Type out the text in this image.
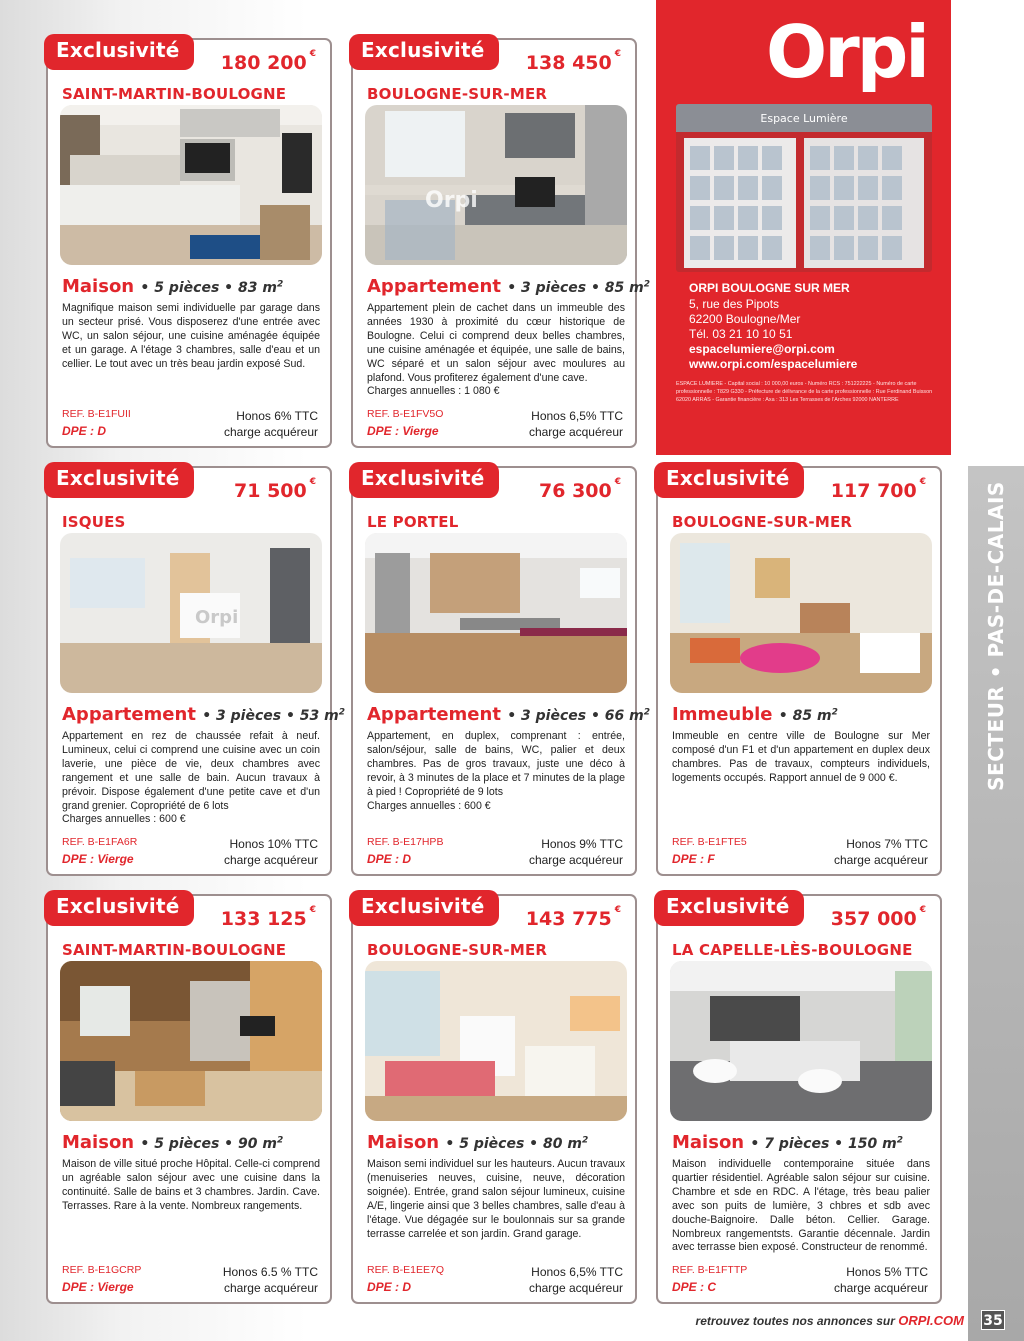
Exclusivité
180 200 €
SAINT-MARTIN-BOULOGNE
Maison • 5 pièces • 83 $m^2$

Magnifique maison semi individuelle par garage dans un secteur prisé. Vous disposerez d'une entrée avec WC, un salon séjour, une cuisine aménagée équipée et un garage. A l'étage 3 chambres, salle d'eau et un cellier. Le tout avec un très beau jardin exposé Sud.

REF. B-E1FUII
DPE : D
Honos 6% TTC
charge acquéreur
Exclusivité
138 450 €
BOULOGNE-SUR-MER
Orpi
Appartement • 3 pièces • 85 $m^2$

Appartement plein de cachet dans un immeuble des années 1930 à proximité du cœur historique de Boulogne. Celui ci comprend deux belles chambres, une cuisine aménagée et équipée, une salle de bains, WC séparé et un salon séjour avec moulures au plafond. Vous profiterez également d'une cave.

Charges annuelles : 1 080 €

REF. B-E1FV5O
DPE : Vierge
Honos 6,5% TTC
charge acquéreur
Exclusivité
71 500 €
ISQUES
Orpi
Appartement • 3 pièces • 53 $m^2$

Appartement en rez de chaussée refait à neuf. Lumineux, celui ci comprend une cuisine avec un coin laverie, une pièce de vie, deux chambres avec rangement et une salle de bain. Aucun travaux à prévoir. Dispose également d'une petite cave et d'un grand grenier. Copropriété de 6 lots

Charges annuelles : 600 €

REF. B-E1FA6R
DPE : Vierge
Honos 10% TTC
charge acquéreur
Exclusivité
76 300 €
LE PORTEL
Appartement • 3 pièces • 66 $m^2$

Appartement, en duplex, comprenant : entrée, salon/séjour, salle de bains, WC, palier et deux chambres. Pas de gros travaux, juste une déco à revoir, à 3 minutes de la place et 7 minutes de la plage à pied ! Copropriété de 9 lots

Charges annuelles : 600 €

REF. B-E17HPB
DPE : D
Honos 9% TTC
charge acquéreur
Exclusivité
117 700 €
BOULOGNE-SUR-MER
Immeuble • 85 $m^2$

Immeuble en centre ville de Boulogne sur Mer composé d'un F1 et d'un appartement en duplex deux chambres. Pas de travaux, compteurs individuels, logements occupés. Rapport annuel de 9 000 €.

REF. B-E1FTE5
DPE : F
Honos 7% TTC
charge acquéreur
Exclusivité
133 125 €
SAINT-MARTIN-BOULOGNE
Maison • 5 pièces • 90 $m^2$

Maison de ville situé proche Hôpital. Celle-ci comprend un agréable salon séjour avec une cuisine dans la continuité. Salle de bains et 3 chambres. Jardin. Cave. Terrasses. Rare à la vente. Nombreux rangements.

REF. B-E1GCRP
DPE : Vierge
Honos 6.5 % TTC
charge acquéreur
Exclusivité
143 775 €
BOULOGNE-SUR-MER
Maison • 5 pièces • 80 $m^2$

Maison semi individuel sur les hauteurs. Aucun travaux (menuiseries neuves, cuisine, neuve, décoration soignée). Entrée, grand salon séjour lumineux, cuisine A/E, lingerie ainsi que 3 belles chambres, salle d'eau à l'étage. Vue dégagée sur le boulonnais sur sa grande terrasse carrelée et son jardin. Grand garage.

REF. B-E1EE7Q
DPE : D
Honos 6,5% TTC
charge acquéreur
Exclusivité
357 000 €
LA CAPELLE-LÈS-BOULOGNE
Maison • 7 pièces • 150 $m^2$

Maison individuelle contemporaine située dans quartier résidentiel. Agréable salon séjour sur cuisine. Chambre et sde en RDC. A l'étage, très beau palier avec son puits de lumière, 3 chbres et sdb avec douche-Baignoire. Dalle béton. Cellier. Garage. Nombreux rangementsts. Garantie décennale. Jardin avec terrasse bien exposé. Constructeur de renommé.

REF. B-E1FTTP
DPE : C
Honos 5% TTC
charge acquéreur
Orpi
Espace Lumière
ORPI BOULOGNE SUR MER
5, rue des Pipots
62200 Boulogne/Mer
Tél. 03 21 10 10 51
espacelumiere@orpi.com
www.orpi.com/espacelumiere
ESPACE LUMIERE - Capital social : 10 000,00 euros - Numéro RCS : 751222225 - Numéro de carte professionnelle : T829 G330 - Préfecture de délivrance de la carte professionnelle : Rue Ferdinand Buisson 62020 ARRAS - Garantie financière : Axa : 313 Les Terrasses de l'Arches 92000 NANTERRE
SECTEUR • PAS-DE-CALAIS
retrouvez toutes nos annonces sur ORPI.COM 35
